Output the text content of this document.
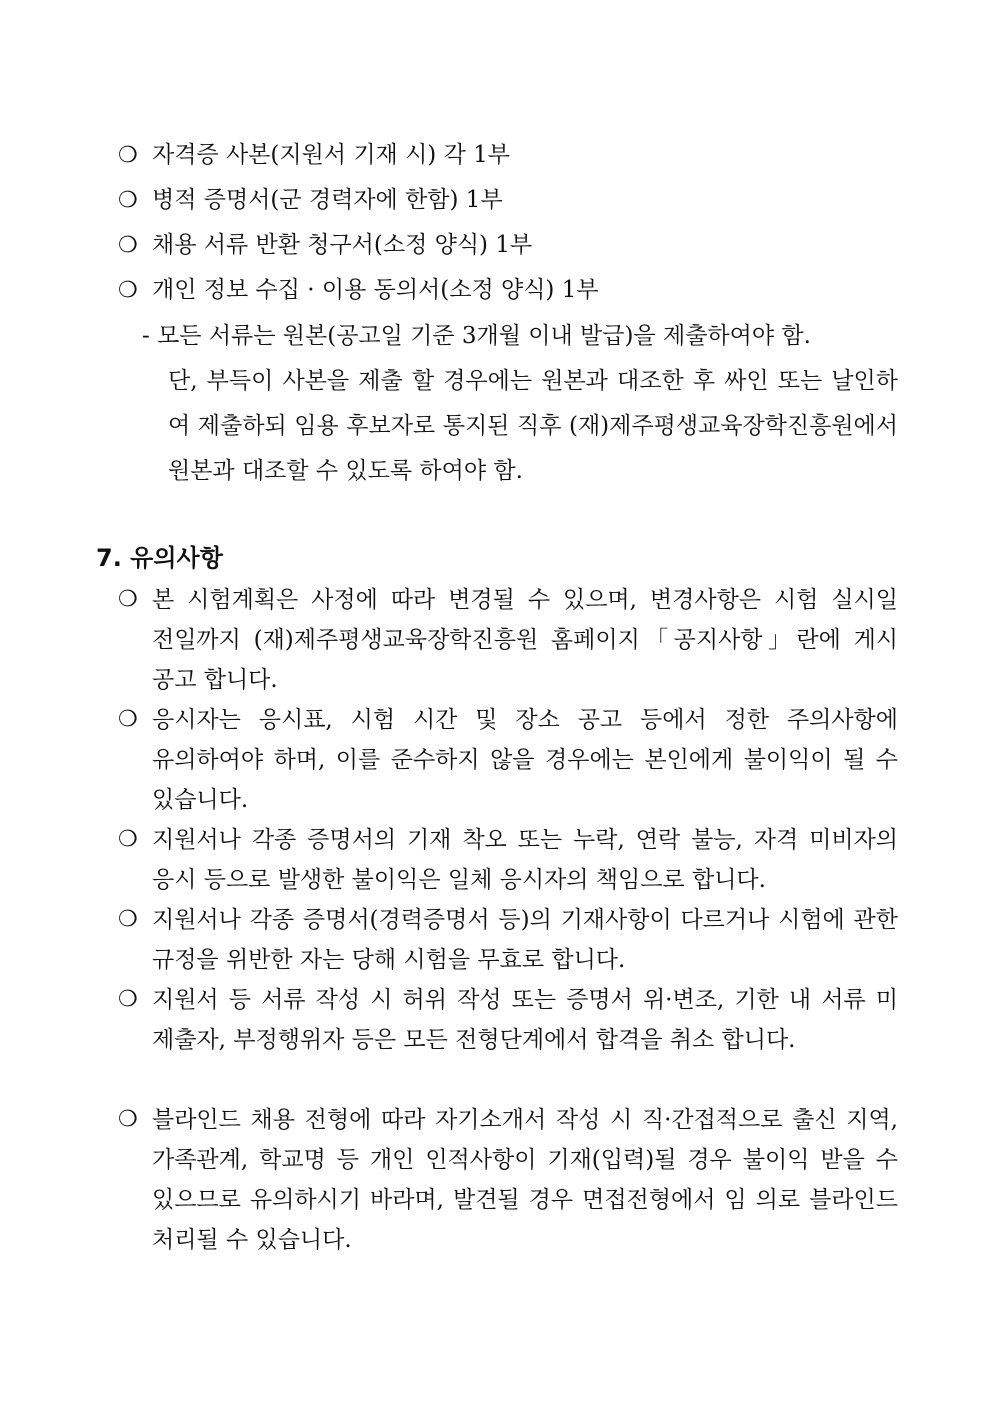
❍ 자격증 사본(지원서 기재 시) 각 1부
❍ 병적 증명서(군 경력자에 한함) 1부
❍ 채용 서류 반환 청구서(소정 양식) 1부
❍ 개인 정보 수집 · 이용 동의서(소정 양식) 1부
- 모든 서류는 원본(공고일 기준 3개월 이내 발급)을 제출하여야 함.
단, 부득이 사본을 제출 할 경우에는 원본과 대조한 후 싸인 또는 날인하여 제출하되 임용 후보자로 통지된 직후 (재)제주평생교육장학진흥원에서 원본과 대조할 수 있도록 하여야 함.
7. 유의사항
❍ 본 시험계획은 사정에 따라 변경될 수 있으며, 변경사항은 시험 실시일 전일까지 (재)제주평생교육장학진흥원 홈페이지「공지사항」란에 게시 공고 합니다.
❍ 응시자는 응시표, 시험 시간 및 장소 공고 등에서 정한 주의사항에 유의하여야 하며, 이를 준수하지 않을 경우에는 본인에게 불이익이 될 수 있습니다.
❍ 지원서나 각종 증명서의 기재 착오 또는 누락, 연락 불능, 자격 미비자의 응시 등으로 발생한 불이익은 일체 응시자의 책임으로 합니다.
❍ 지원서나 각종 증명서(경력증명서 등)의 기재사항이 다르거나 시험에 관한 규정을 위반한 자는 당해 시험을 무효로 합니다.
❍ 지원서 등 서류 작성 시 허위 작성 또는 증명서 위·변조, 기한 내 서류 미 제출자, 부정행위자 등은 모든 전형단계에서 합격을 취소 합니다.
❍ 블라인드 채용 전형에 따라 자기소개서 작성 시 직·간접적으로 출신 지역, 가족관계, 학교명 등 개인 인적사항이 기재(입력)될 경우 불이익 받을 수 있으므로 유의하시기 바라며, 발견될 경우 면접전형에서 임 의로 블라인드 처리될 수 있습니다.
